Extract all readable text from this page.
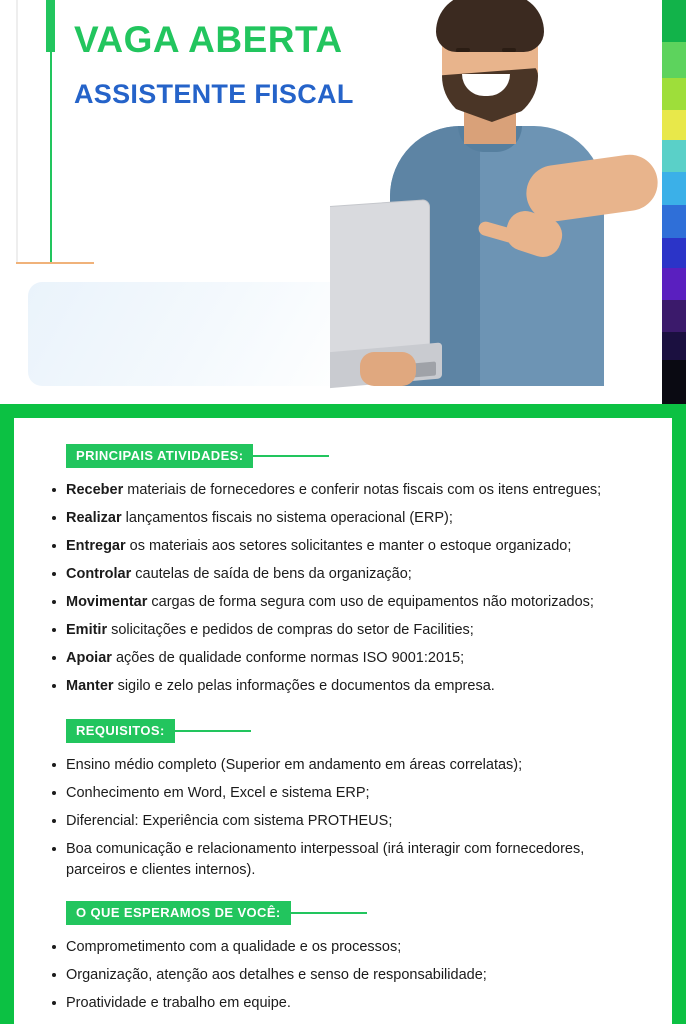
VAGA ABERTA
ASSISTENTE FISCAL
PRINCIPAIS ATIVIDADES:
Receber materiais de fornecedores e conferir notas fiscais com os itens entregues;
Realizar lançamentos fiscais no sistema operacional (ERP);
Entregar os materiais aos setores solicitantes e manter o estoque organizado;
Controlar cautelas de saída de bens da organização;
Movimentar cargas de forma segura com uso de equipamentos não motorizados;
Emitir solicitações e pedidos de compras do setor de Facilities;
Apoiar ações de qualidade conforme normas ISO 9001:2015;
Manter sigilo e zelo pelas informações e documentos da empresa.
REQUISITOS:
Ensino médio completo (Superior em andamento em áreas correlatas);
Conhecimento em Word, Excel e sistema ERP;
Diferencial: Experiência com sistema PROTHEUS;
Boa comunicação e relacionamento interpessoal (irá interagir com fornecedores, parceiros e clientes internos).
O QUE ESPERAMOS DE VOCÊ:
Comprometimento com a qualidade e os processos;
Organização, atenção aos detalhes e senso de responsabilidade;
Proatividade e trabalho em equipe.
